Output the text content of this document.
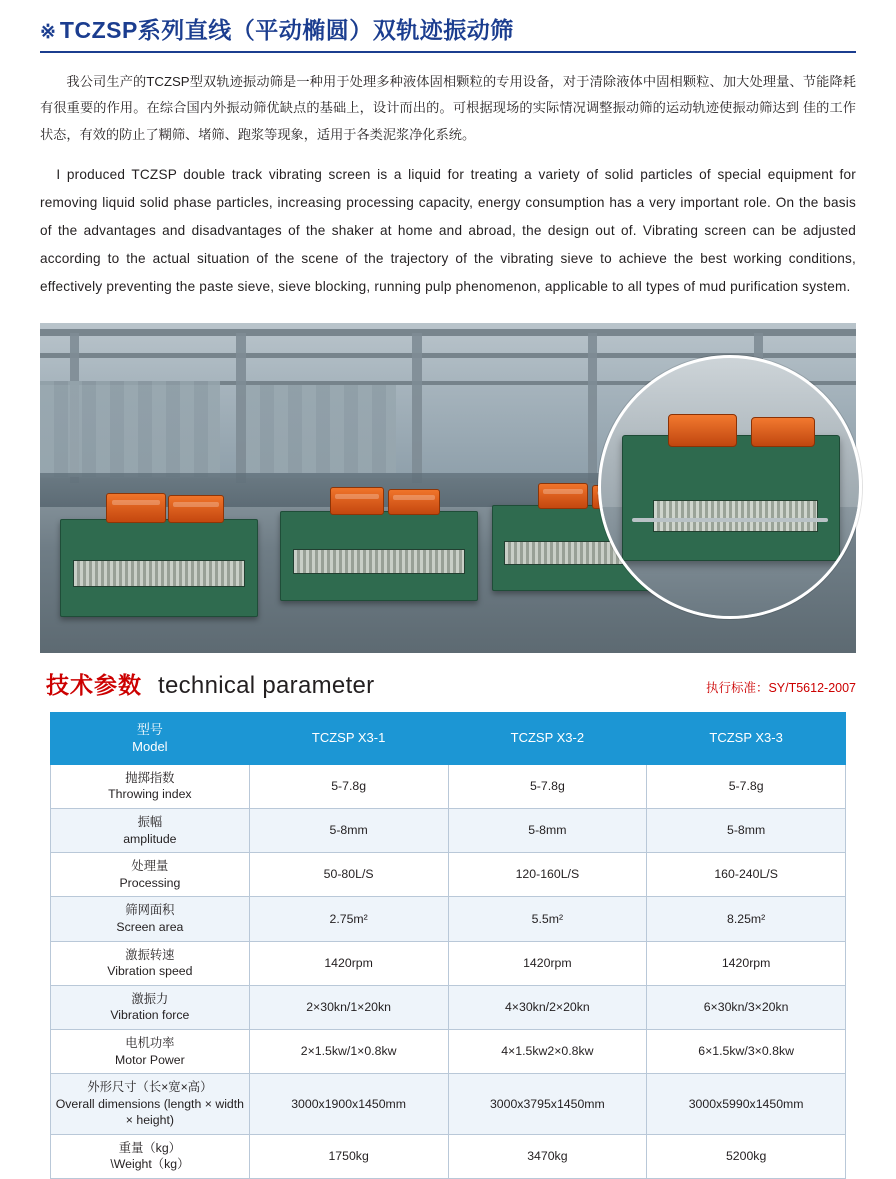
※ TCZSP系列直线（平动椭圆）双轨迹振动筛

我公司生产的TCZSP型双轨迹振动筛是一种用于处理多种液体固相颗粒的专用设备，对于清除液体中固相颗粒、加大处理量、节能降耗有很重要的作用。在综合国内外振动筛优缺点的基础上，设计而出的。可根据现场的实际情况调整振动筛的运动轨迹使振动筛达到 佳的工作状态，有效的防止了糊筛、堵筛、跑浆等现象，适用于各类泥浆净化系统。

I produced TCZSP double track vibrating screen is a liquid for treating a variety of solid particles of special equipment for removing liquid solid phase particles, increasing processing capacity, energy consumption has a very important role. On the basis of the advantages and disadvantages of the shaker at home and abroad, the design out of. Vibrating screen can be adjusted according to the actual situation of the scene of the trajectory of the vibrating sieve to achieve the best working conditions, effectively preventing the paste sieve, sieve blocking, running pulp phenomenon, applicable to all types of mud purification system.

技术参数 technical parameter	执行标准：SY/T5612-2007
型号
Model	TCZSP X3-1	TCZSP X3-2	TCZSP X3-3

抛掷指数
Throwing index	5-7.8g	5-7.8g	5-7.8g

振幅
amplitude	5-8mm	5-8mm	5-8mm

处理量
Processing	50-80L/S	120-160L/S	160-240L/S

筛网面积
Screen area	2.75m²	5.5m²	8.25m²

激振转速
Vibration speed	1420rpm	1420rpm	1420rpm

激振力
Vibration force	2×30kn/1×20kn	4×30kn/2×20kn	6×30kn/3×20kn

电机功率
Motor Power	2×1.5kw/1×0.8kw	4×1.5kw2×0.8kw	6×1.5kw/3×0.8kw

外形尺寸（长×宽×高）
Overall dimensions (length × width × height)	3000x1900x1450mm	3000x3795x1450mm	3000x5990x1450mm

重量（kg）
\Weight（kg）	1750kg	3470kg	5200kg
